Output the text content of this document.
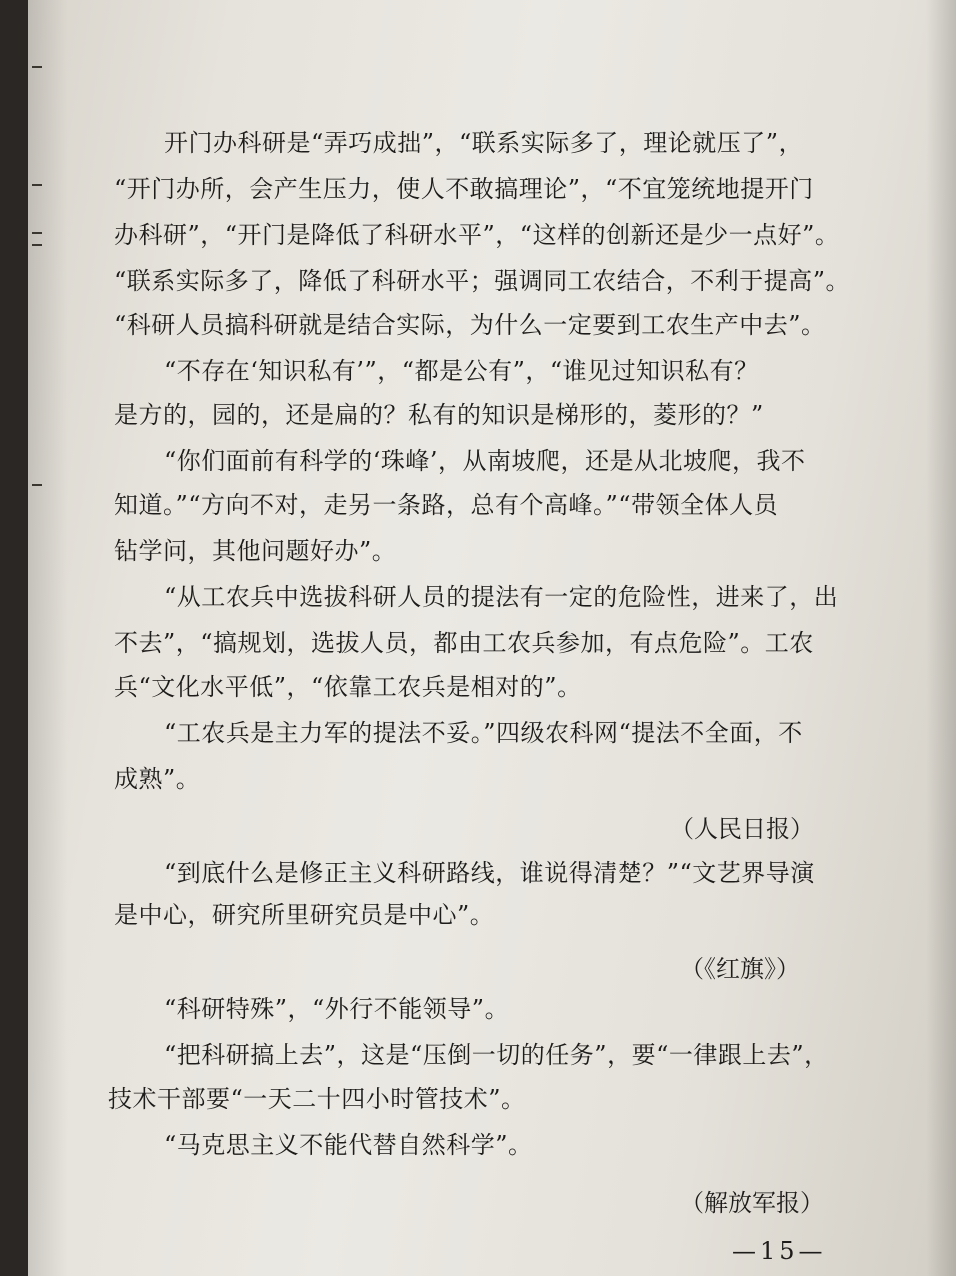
开门办科研是“弄巧成拙”，“联系实际多了，理论就压了”，
“开门办所，会产生压力，使人不敢搞理论”，“不宜笼统地提开门
办科研”，“开门是降低了科研水平”，“这样的创新还是少一点好”。
“联系实际多了，降低了科研水平；强调同工农结合，不利于提高”。
“科研人员搞科研就是结合实际，为什么一定要到工农生产中去”。
“不存在‘知识私有’”，“都是公有”，“谁见过知识私有？
是方的，园的，还是扁的？私有的知识是梯形的，菱形的？”
“你们面前有科学的‘珠峰’，从南坡爬，还是从北坡爬，我不
知道。”“方向不对，走另一条路，总有个高峰。”“带领全体人员
钻学问，其他问题好办”。
“从工农兵中选拔科研人员的提法有一定的危险性，进来了，出
不去”，“搞规划，选拔人员，都由工农兵参加，有点危险”。工农
兵“文化水平低”，“依靠工农兵是相对的”。
“工农兵是主力军的提法不妥。”四级农科网“提法不全面，不
成熟”。
（人民日报）
“到底什么是修正主义科研路线，谁说得清楚？”“文艺界导演
是中心，研究所里研究员是中心”。
（《红旗》）
“科研特殊”，“外行不能领导”。
“把科研搞上去”，这是“压倒一切的任务”，要“一律跟上去”，
技术干部要“一天二十四小时管技术”。
“马克思主义不能代替自然科学”。
（解放军报）
—15—
